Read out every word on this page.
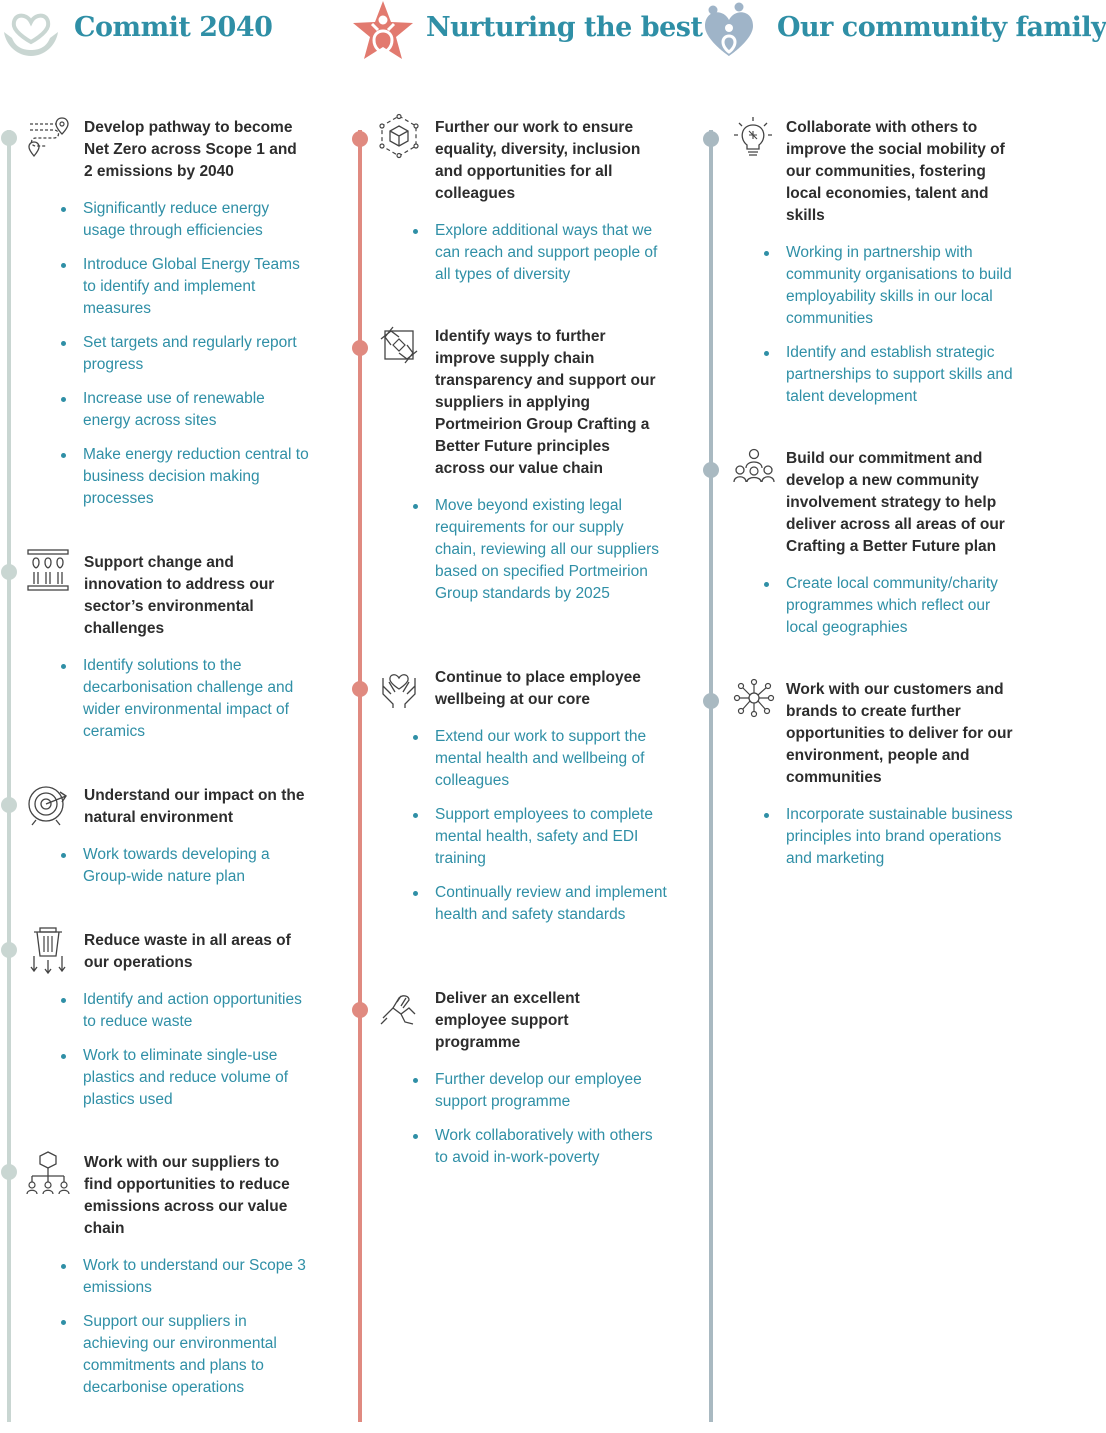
Commit 2040
Develop pathway to become Net Zero across Scope 1 and 2 emissions by 2040
Significantly reduce energy usage through efficiencies
Introduce Global Energy Teams to identify and implement measures
Set targets and regularly report progress
Increase use of renewable energy across sites
Make energy reduction central to business decision making processes
Support change and innovation to address our sector’s environmental challenges
Identify solutions to the decarbonisation challenge and wider environmental impact of ceramics
Understand our impact on the natural environment
Work towards developing a Group-wide nature plan
Reduce waste in all areas of our operations
Identify and action opportunities to reduce waste
Work to eliminate single-use plastics and reduce volume of plastics used
Work with our suppliers to find opportunities to reduce emissions across our value chain
Work to understand our Scope 3 emissions
Support our suppliers in achieving our environmental commitments and plans to decarbonise operations
Nurturing the best
Further our work to ensure equality, diversity, inclusion and opportunities for all colleagues
Explore additional ways that we can reach and support people of all types of diversity
Identify ways to further improve supply chain transparency and support our suppliers in applying Portmeirion Group Crafting a Better Future principles across our value chain
Move beyond existing legal requirements for our supply chain, reviewing all our suppliers based on specified Portmeirion Group standards by 2025
Continue to place employee wellbeing at our core
Extend our work to support the mental health and wellbeing of colleagues
Support employees to complete mental health, safety and EDI training
Continually review and implement health and safety standards
Deliver an excellent employee support programme
Further develop our employee support programme
Work collaboratively with others to avoid in-work-poverty
Our community family
Collaborate with others to improve the social mobility of our communities, fostering local economies, talent and skills
Working in partnership with community organisations to build employability skills in our local communities
Identify and establish strategic partnerships to support skills and talent development
Build our commitment and develop a new community involvement strategy to help deliver across all areas of our Crafting a Better Future plan
Create local community/charity programmes which reflect our local geographies
Work with our customers and brands to create further opportunities to deliver for our environment, people and communities
Incorporate sustainable business principles into brand operations and marketing
